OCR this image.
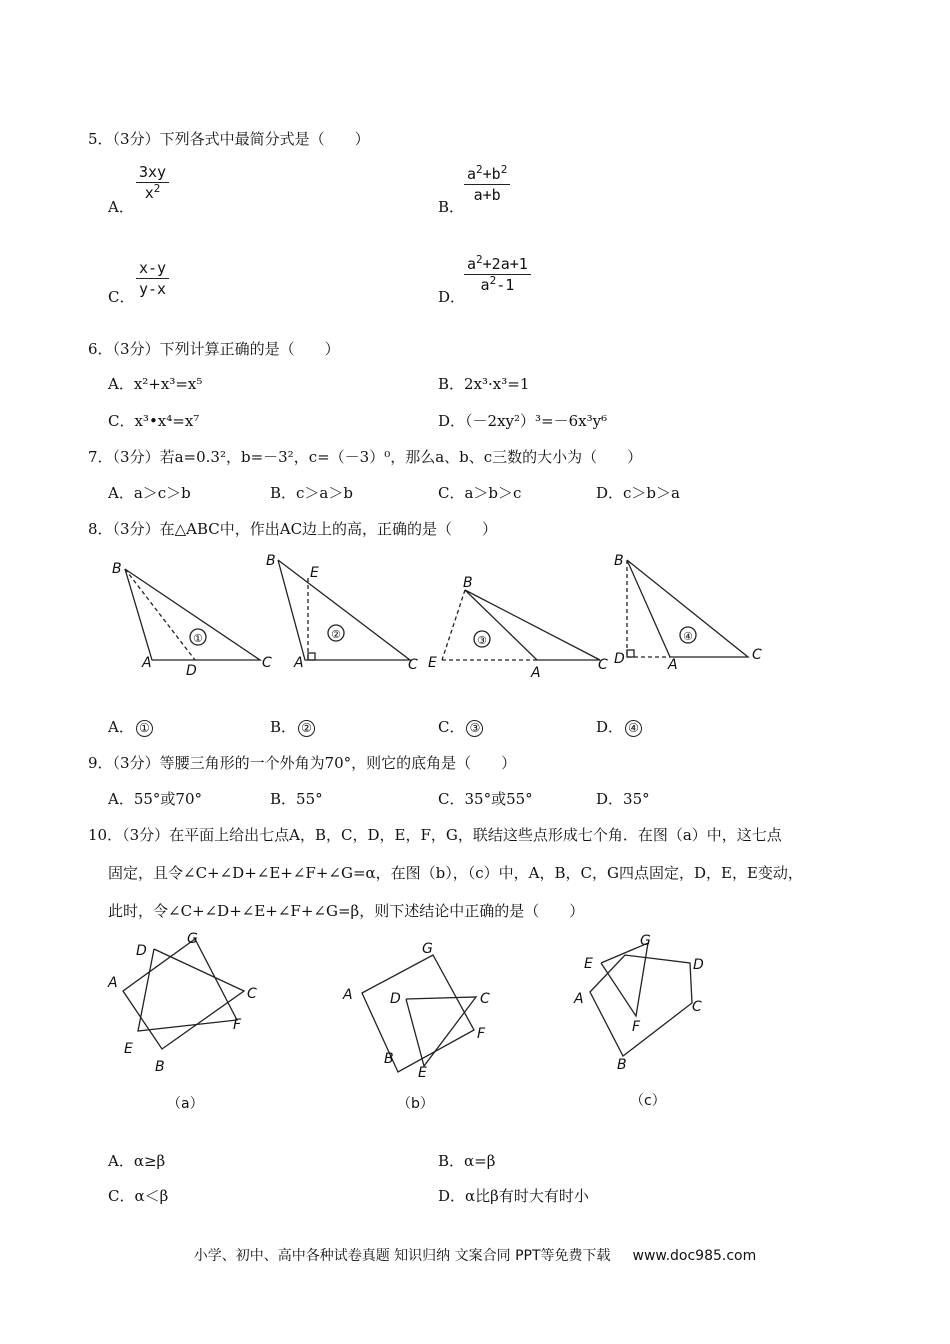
5．（3分）下列各式中最简分式是（　　）
A．
$\frac{3xy}{x^2}$
B．
$\frac{a^2+b^2}{a+b}$
C． $\frac{x-y}{y-x}$	D．
$\frac{a^2+2a+1}{a^2-1}$
6．（3分）下列计算正确的是（　　）
A．x²+x³=x⁵	B．2x³·x³=1
C．x³•x⁴=x⁷	D．（－2xy²）³=－6x³y⁶
7．（3分）若a=0.3²，b=－3²，c=（－3）⁰，那么a、b、c三数的大小为（　　）
A．a＞c＞b	B．c＞a＞b	C．a＞b＞c	D．c＞b＞a
8．（3分）在△ABC中，作出AC边上的高，正确的是（　　）
B
A D	C
①
B
E
A	C
②
B
E
A	C
③
B
D	A
C
④
A． ①	B． ②	C． ③	D． ④
9．（3分）等腰三角形的一个外角为70°，则它的底角是（　　）
A．55°或70°	B．55°	C．35°或55°	D．35°
10．（3分）在平面上给出七点A，B，C，D，E，F，G，联结这些点形成七个角．在图（a）中，这七点
固定，且令∠C+∠D+∠E+∠F+∠G=α，在图（b），（c）中，A，B，C，G四点固定，D，E，E变动，
此时，令∠C+∠D+∠E+∠F+∠G=β，则下述结论中正确的是（　　）
D
G
A
C
F
E
B
（a）
G
A	D	C
F
B
E
（b）
G
E	D
A	C
F
B
（c）
A．α≥β	B．α=β
C．α＜β	D．α比β有时大有时小
小学、初中、高中各种试卷真题 知识归纳 文案合同 PPT等免费下载 www.doc985.com
